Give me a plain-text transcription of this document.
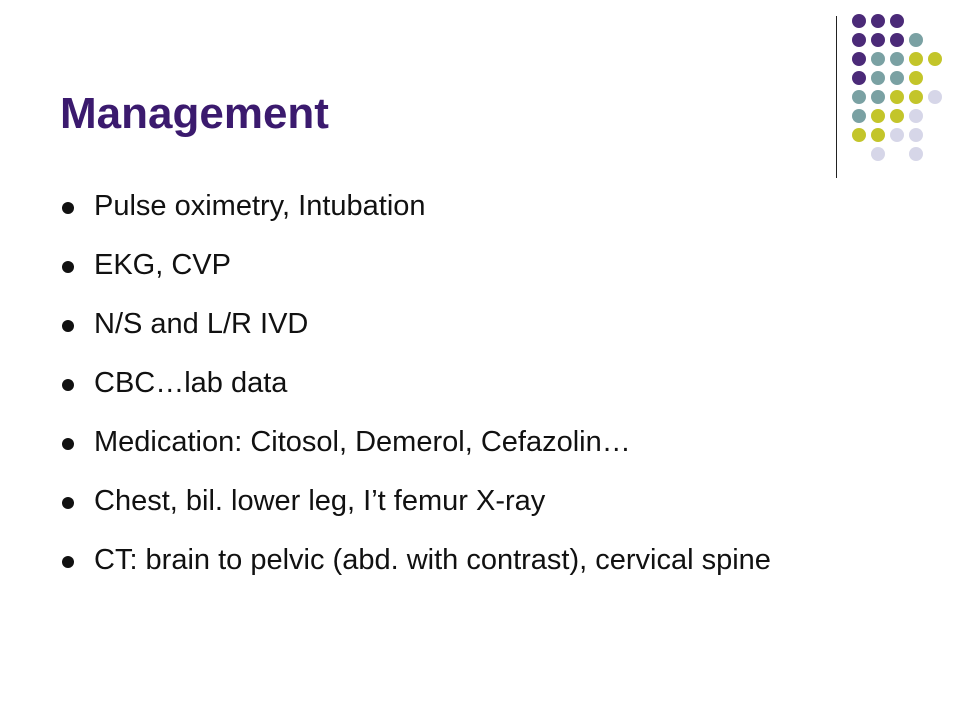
Management
Pulse oximetry, Intubation
EKG, CVP
N/S and L/R IVD
CBC…lab data
Medication: Citosol, Demerol, Cefazolin…
Chest, bil. lower leg, I’t femur X-ray
CT: brain to pelvic (abd. with contrast), cervical spine
